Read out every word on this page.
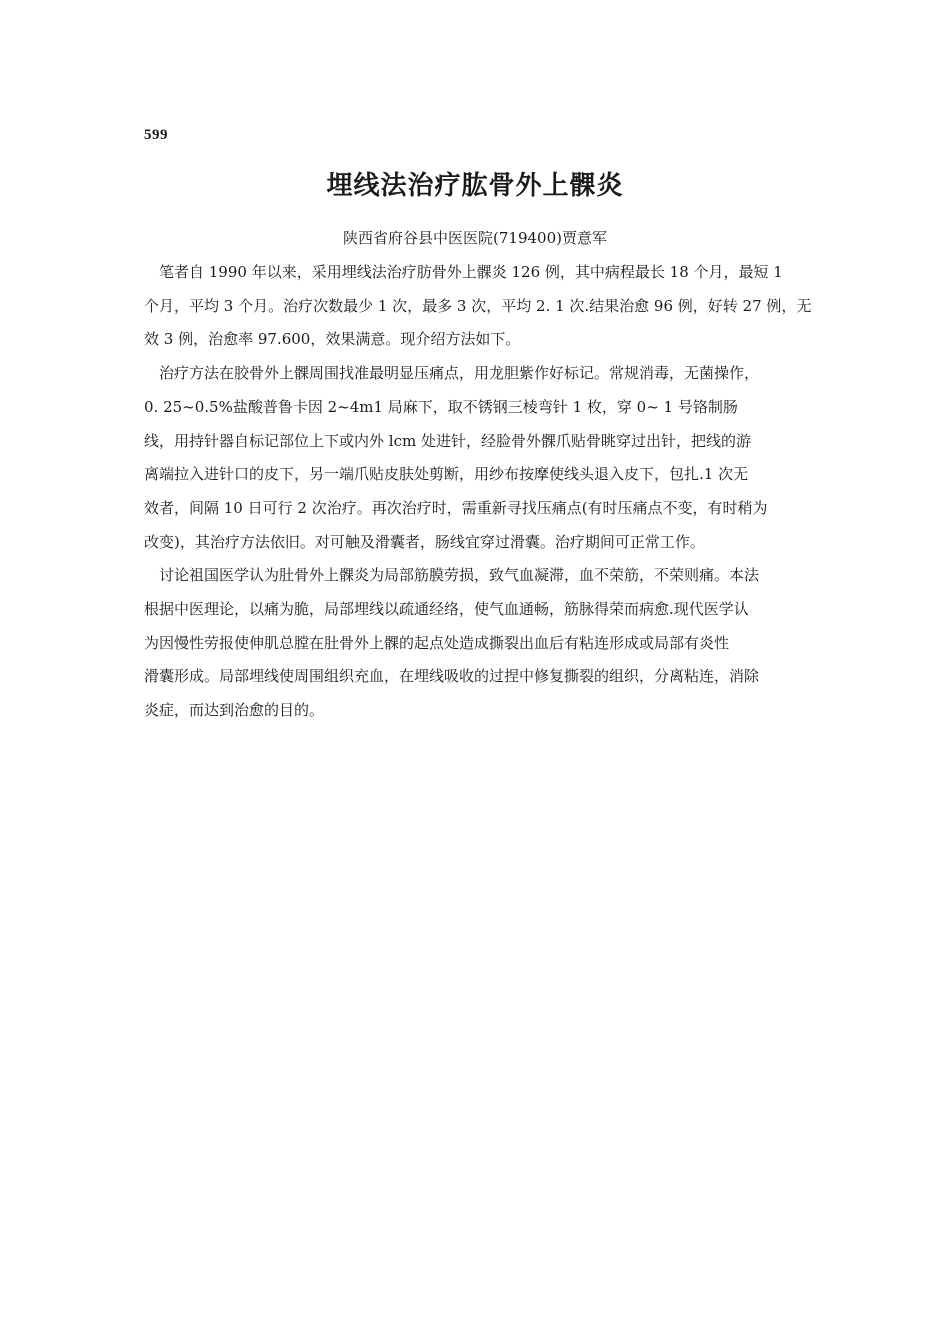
599
埋线法治疗肱骨外上髁炎
陕西省府谷县中医医院(719400)贾意军

笔者自 1990 年以来，采用埋线法治疗肪骨外上髁炎 126 例，其中病程最长 18 个月，最短 1
个月，平均 3 个月。治疗次数最少 1 次，最多 3 次，平均 2. 1 次.结果治愈 96 例，好转 27 例，无
效 3 例，治愈率 97.600，效果满意。现介绍方法如下。

治疗方法在胶骨外上髁周围找准最明显压痛点，用龙胆紫作好标记。常规消毒，无菌操作，
0. 25~0.5%盐酸普鲁卡因 2~4m1 局麻下，取不锈钢三棱弯针 1 枚，穿 0~ 1 号铬制肠
线，用持针器自标记部位上下或内外 lcm 处进针，经脸骨外髁爪贴骨眺穿过出针，把线的游
离端拉入进针口的皮下，另一端爪贴皮肤处剪断，用纱布按摩使线头退入皮下，包扎.1 次无
效者，间隔 10 日可行 2 次治疗。再次治疗时，需重新寻找压痛点(有时压痛点不变，有时稍为
改变)，其治疗方法依旧。对可触及滑囊者，肠线宜穿过滑囊。治疗期间可正常工作。

讨论祖国医学认为肚骨外上髁炎为局部筋膜劳损，致气血凝滞，血不荣筋，不荣则痛。本法
根据中医理论，以痛为脆，局部埋线以疏通经络，使气血通畅，筋脉得荣而病愈.现代医学认
为因慢性劳报使伸肌总膛在肚骨外上髁的起点处造成撕裂出血后有粘连形成或局部有炎性
滑囊形成。局部埋线使周围组织充血，在埋线吸收的过捏中修复撕裂的组织，分离粘连，消除
炎症，而达到治愈的目的。
